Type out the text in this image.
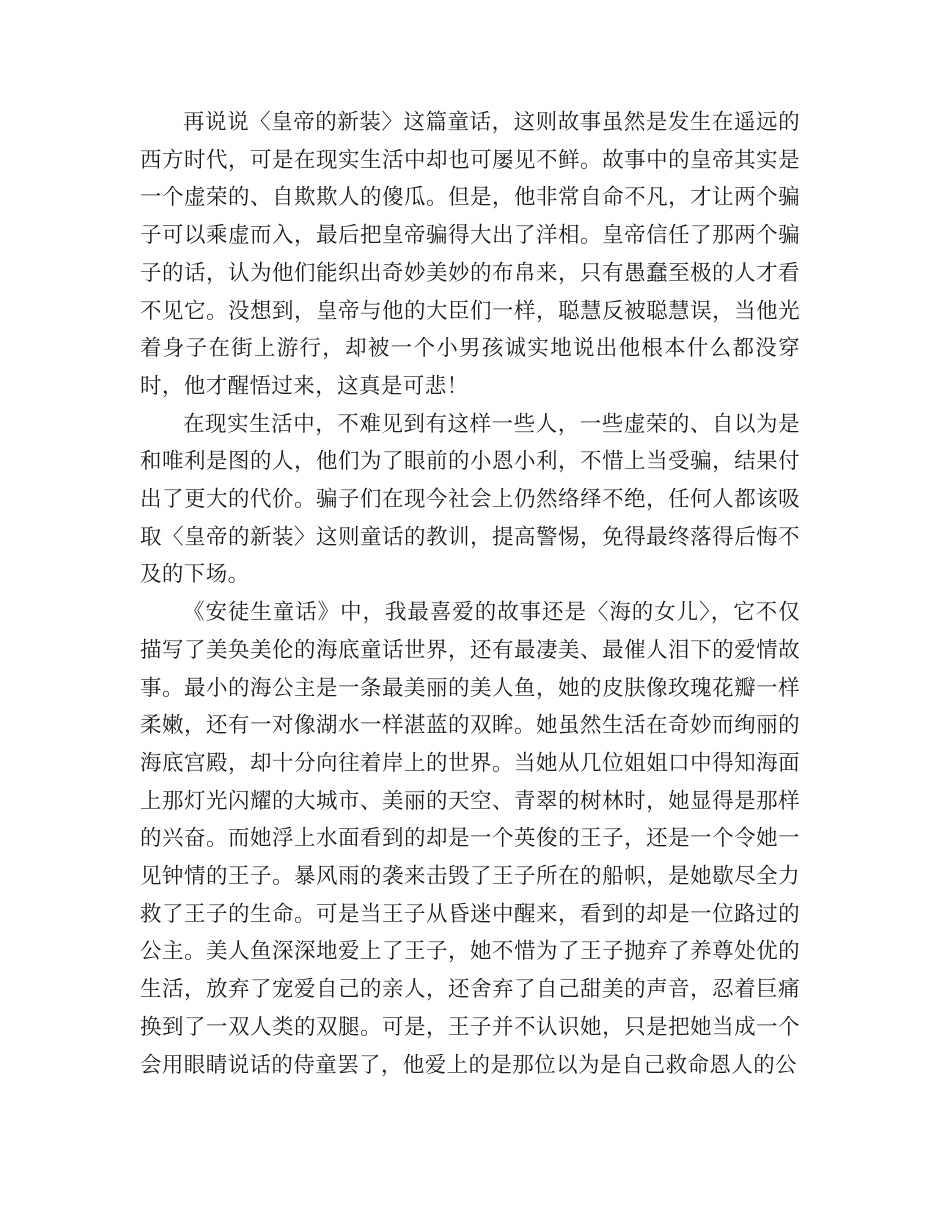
再说说〈皇帝的新装〉这篇童话，这则故事虽然是发生在遥远的西方时代，可是在现实生活中却也可屡见不鲜。故事中的皇帝其实是一个虚荣的、自欺欺人的傻瓜。但是，他非常自命不凡，才让两个骗子可以乘虚而入，最后把皇帝骗得大出了洋相。皇帝信任了那两个骗子的话，认为他们能织出奇妙美妙的布帛来，只有愚蠢至极的人才看不见它。没想到，皇帝与他的大臣们一样，聪慧反被聪慧误，当他光着身子在街上游行，却被一个小男孩诚实地说出他根本什么都没穿时，他才醒悟过来，这真是可悲！

在现实生活中，不难见到有这样一些人，一些虚荣的、自以为是和唯利是图的人，他们为了眼前的小恩小利，不惜上当受骗，结果付出了更大的代价。骗子们在现今社会上仍然络绎不绝，任何人都该吸取〈皇帝的新装〉这则童话的教训，提高警惕，免得最终落得后悔不及的下场。

《安徒生童话》中，我最喜爱的故事还是〈海的女儿〉，它不仅描写了美奂美伦的海底童话世界，还有最凄美、最催人泪下的爱情故事。最小的海公主是一条最美丽的美人鱼，她的皮肤像玫瑰花瓣一样柔嫩，还有一对像湖水一样湛蓝的双眸。她虽然生活在奇妙而绚丽的海底宫殿，却十分向往着岸上的世界。当她从几位姐姐口中得知海面上那灯光闪耀的大城市、美丽的天空、青翠的树林时，她显得是那样的兴奋。而她浮上水面看到的却是一个英俊的王子，还是一个令她一见钟情的王子。暴风雨的袭来击毁了王子所在的船帜，是她歇尽全力救了王子的生命。可是当王子从昏迷中醒来，看到的却是一位路过的公主。美人鱼深深地爱上了王子，她不惜为了王子抛弃了养尊处优的生活，放弃了宠爱自己的亲人，还舍弃了自己甜美的声音，忍着巨痛换到了一双人类的双腿。可是，王子并不认识她，只是把她当成一个会用眼睛说话的侍童罢了，他爱上的是那位以为是自己救命恩人的公
